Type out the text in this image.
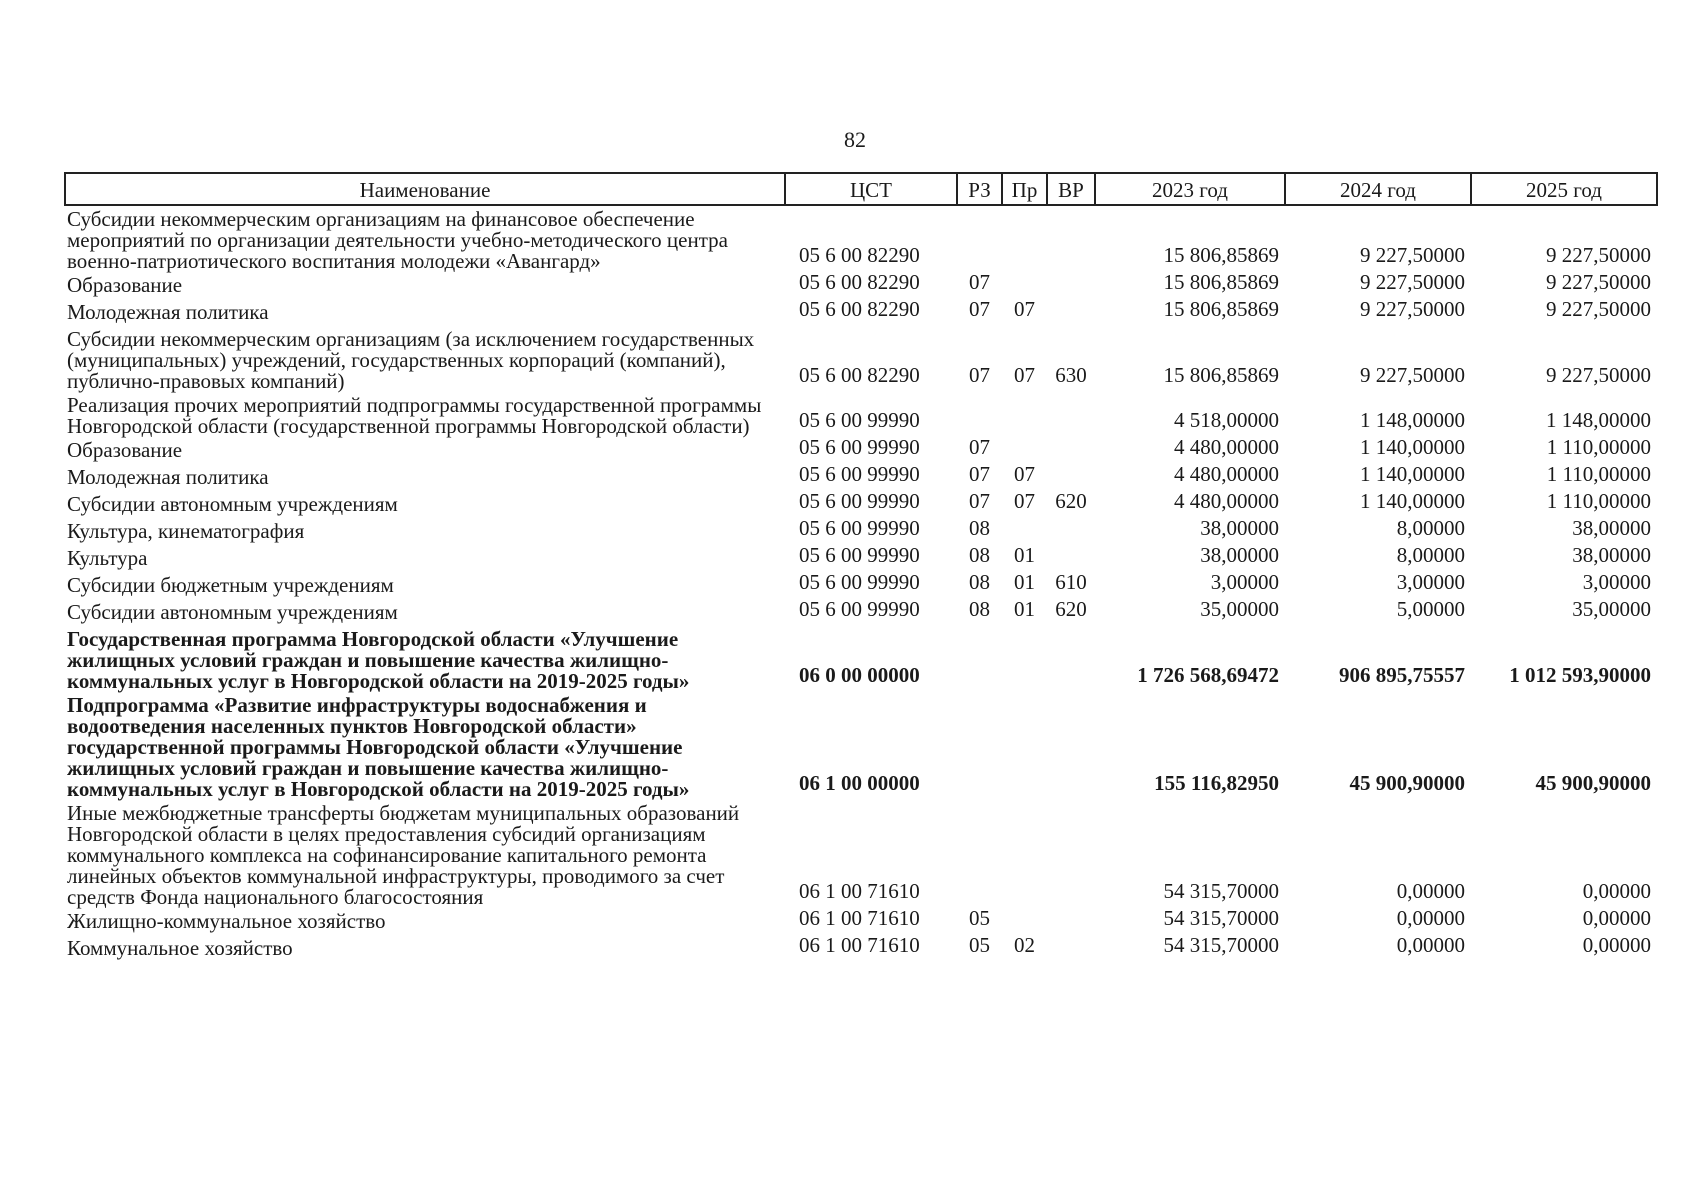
82
Наименование	ЦСТ	РЗ	Пр	ВР	2023 год	2024 год	2025 год
Субсидии некоммерческим организациям на финансовое обеспечение мероприятий по организации деятельности учебно-методического центра военно-патриотического воспитания молодежи «Авангард»	05 6 00 82290				15 806,85869	9 227,50000	9 227,50000
Образование	05 6 00 82290	07			15 806,85869	9 227,50000	9 227,50000
Молодежная политика	05 6 00 82290	07	07		15 806,85869	9 227,50000	9 227,50000
Субсидии некоммерческим организациям (за исключением государственных (муниципальных) учреждений, государственных корпораций (компаний), публично-правовых компаний)	05 6 00 82290	07	07	630	15 806,85869	9 227,50000	9 227,50000
Реализация прочих мероприятий подпрограммы государственной программы Новгородской области (государственной программы Новгородской области)	05 6 00 99990				4 518,00000	1 148,00000	1 148,00000
Образование	05 6 00 99990	07			4 480,00000	1 140,00000	1 110,00000
Молодежная политика	05 6 00 99990	07	07		4 480,00000	1 140,00000	1 110,00000
Субсидии автономным учреждениям	05 6 00 99990	07	07	620	4 480,00000	1 140,00000	1 110,00000
Культура, кинематография	05 6 00 99990	08			38,00000	8,00000	38,00000
Культура	05 6 00 99990	08	01		38,00000	8,00000	38,00000
Субсидии бюджетным учреждениям	05 6 00 99990	08	01	610	3,00000	3,00000	3,00000
Субсидии автономным учреждениям	05 6 00 99990	08	01	620	35,00000	5,00000	35,00000
Государственная программа Новгородской области «Улучшение жилищных условий граждан и повышение качества жилищно-коммунальных услуг в Новгородской области на 2019-2025 годы»	06 0 00 00000				1 726 568,69472	906 895,75557	1 012 593,90000
Подпрограмма «Развитие инфраструктуры водоснабжения и водоотведения населенных пунктов Новгородской области» государственной программы Новгородской области «Улучшение жилищных условий граждан и повышение качества жилищно-коммунальных услуг в Новгородской области на 2019-2025 годы»	06 1 00 00000				155 116,82950	45 900,90000	45 900,90000
Иные межбюджетные трансферты бюджетам муниципальных образований Новгородской области в целях предоставления субсидий организациям коммунального комплекса на софинансирование капитального ремонта линейных объектов коммунальной инфраструктуры, проводимого за счет средств Фонда национального благосостояния	06 1 00 71610				54 315,70000	0,00000	0,00000
Жилищно-коммунальное хозяйство	06 1 00 71610	05			54 315,70000	0,00000	0,00000
Коммунальное хозяйство	06 1 00 71610	05	02		54 315,70000	0,00000	0,00000
